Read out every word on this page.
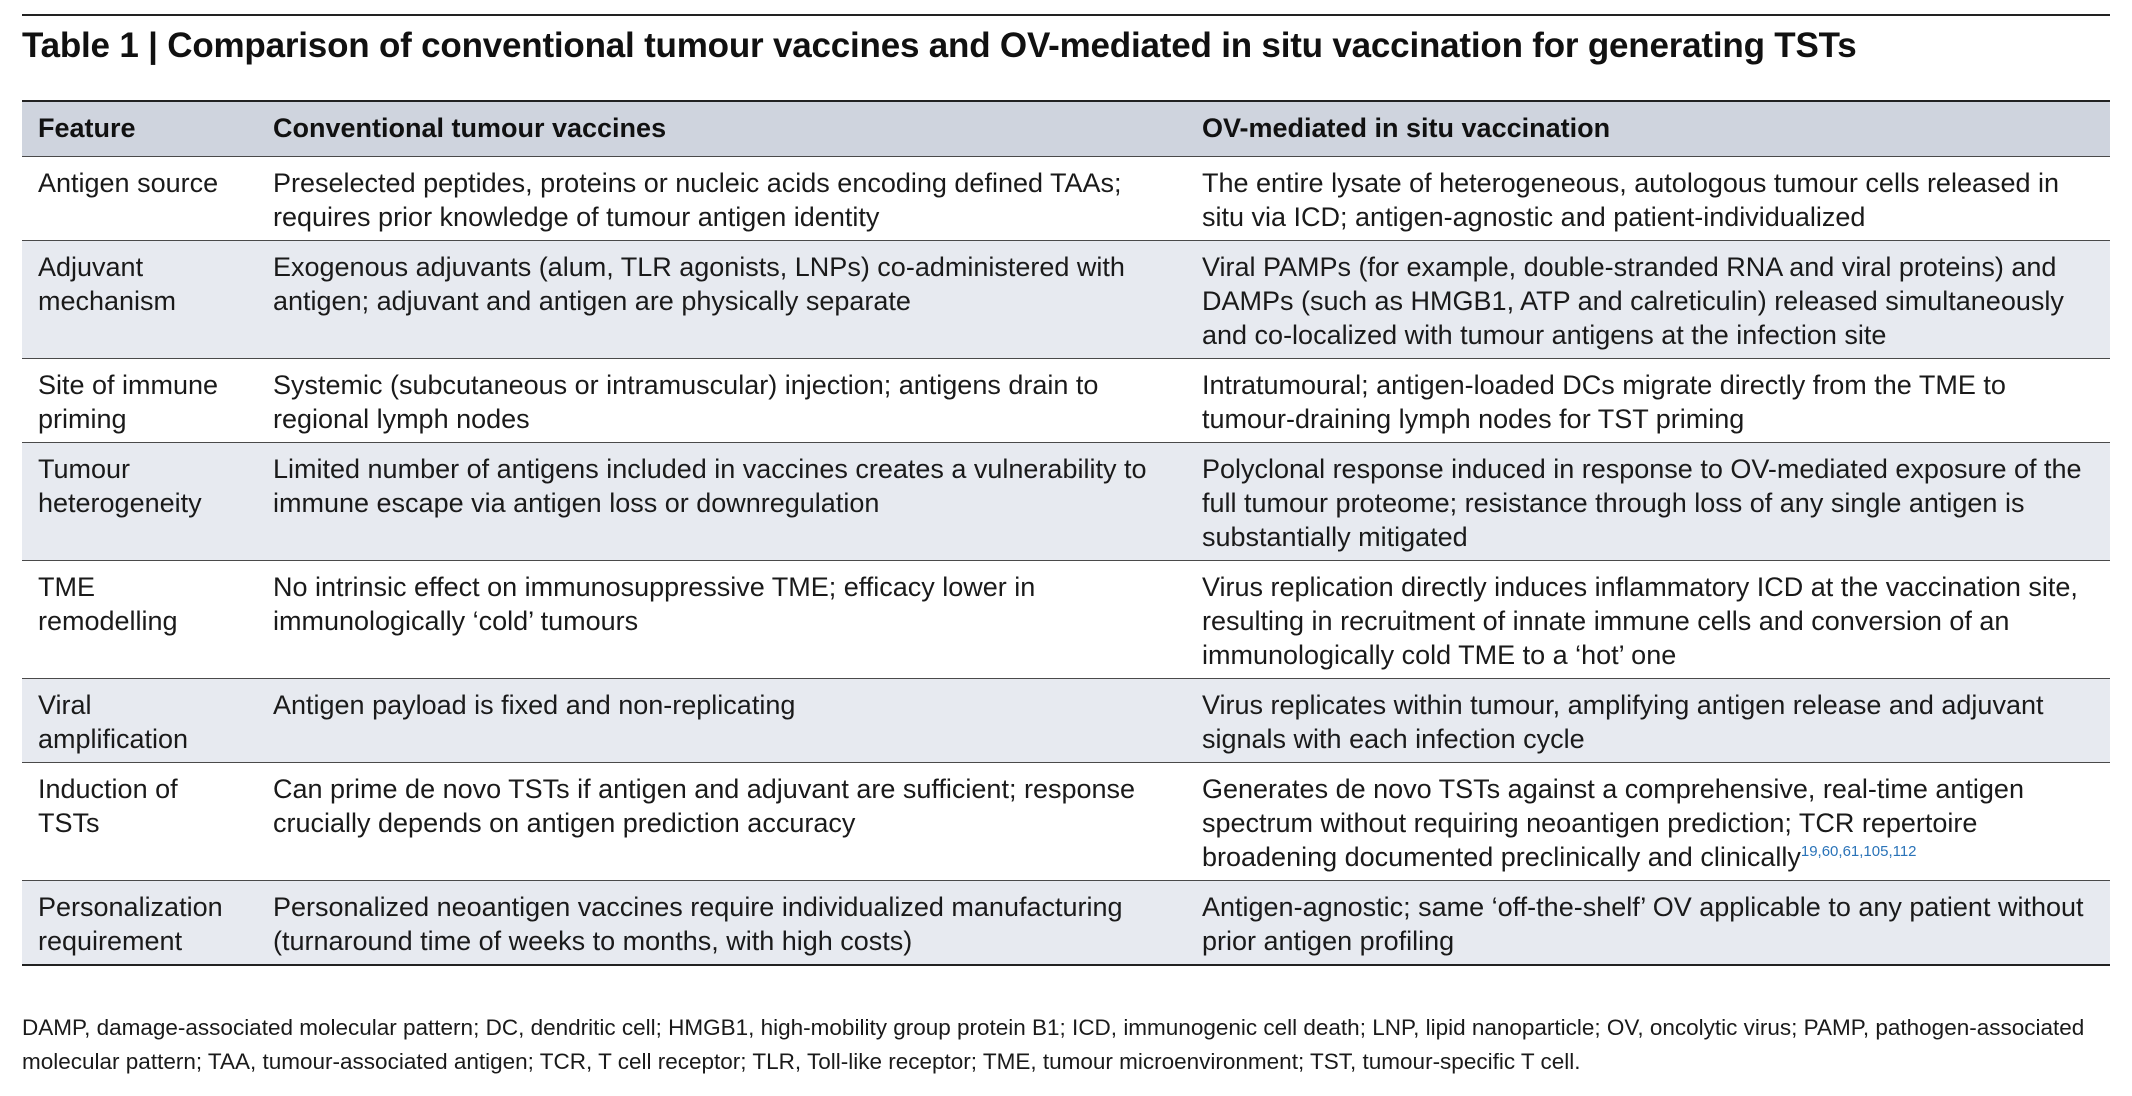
Table 1 | Comparison of conventional tumour vaccines and OV-mediated in situ vaccination for generating TSTs
Feature	Conventional tumour vaccines	OV-mediated in situ vaccination
Antigen source	Preselected peptides, proteins or nucleic acids encoding defined TAAs; requires prior knowledge of tumour antigen identity	The entire lysate of heterogeneous, autologous tumour cells released in situ via ICD; antigen-agnostic and patient-individualized
Adjuvant mechanism	Exogenous adjuvants (alum, TLR agonists, LNPs) co-administered with antigen; adjuvant and antigen are physically separate	Viral PAMPs (for example, double-stranded RNA and viral proteins) and DAMPs (such as HMGB1, ATP and calreticulin) released simultaneously and co-localized with tumour antigens at the infection site
Site of immune priming	Systemic (subcutaneous or intramuscular) injection; antigens drain to regional lymph nodes	Intratumoural; antigen-loaded DCs migrate directly from the TME to tumour-draining lymph nodes for TST priming
Tumour heterogeneity	Limited number of antigens included in vaccines creates a vulnerability to immune escape via antigen loss or downregulation	Polyclonal response induced in response to OV-mediated exposure of the full tumour proteome; resistance through loss of any single antigen is substantially mitigated
TME remodelling	No intrinsic effect on immunosuppressive TME; efficacy lower in immunologically ‘cold’ tumours	Virus replication directly induces inflammatory ICD at the vaccination site, resulting in recruitment of innate immune cells and conversion of an immunologically cold TME to a ‘hot’ one
Viral amplification	Antigen payload is fixed and non-replicating	Virus replicates within tumour, amplifying antigen release and adjuvant signals with each infection cycle
Induction of TSTs	Can prime de novo TSTs if antigen and adjuvant are sufficient; response crucially depends on antigen prediction accuracy	Generates de novo TSTs against a comprehensive, real-time antigen spectrum without requiring neoantigen prediction; TCR repertoire broadening documented preclinically and clinically$^{19,60,61,105,112}$
Personalization requirement	Personalized neoantigen vaccines require individualized manufacturing (turnaround time of weeks to months, with high costs)	Antigen-agnostic; same ‘off-the-shelf’ OV applicable to any patient without prior antigen profiling
DAMP, damage-associated molecular pattern; DC, dendritic cell; HMGB1, high-mobility group protein B1; ICD, immunogenic cell death; LNP, lipid nanoparticle; OV, oncolytic virus; PAMP, pathogen-associated molecular pattern; TAA, tumour-associated antigen; TCR, T cell receptor; TLR, Toll-like receptor; TME, tumour microenvironment; TST, tumour-specific T cell.
